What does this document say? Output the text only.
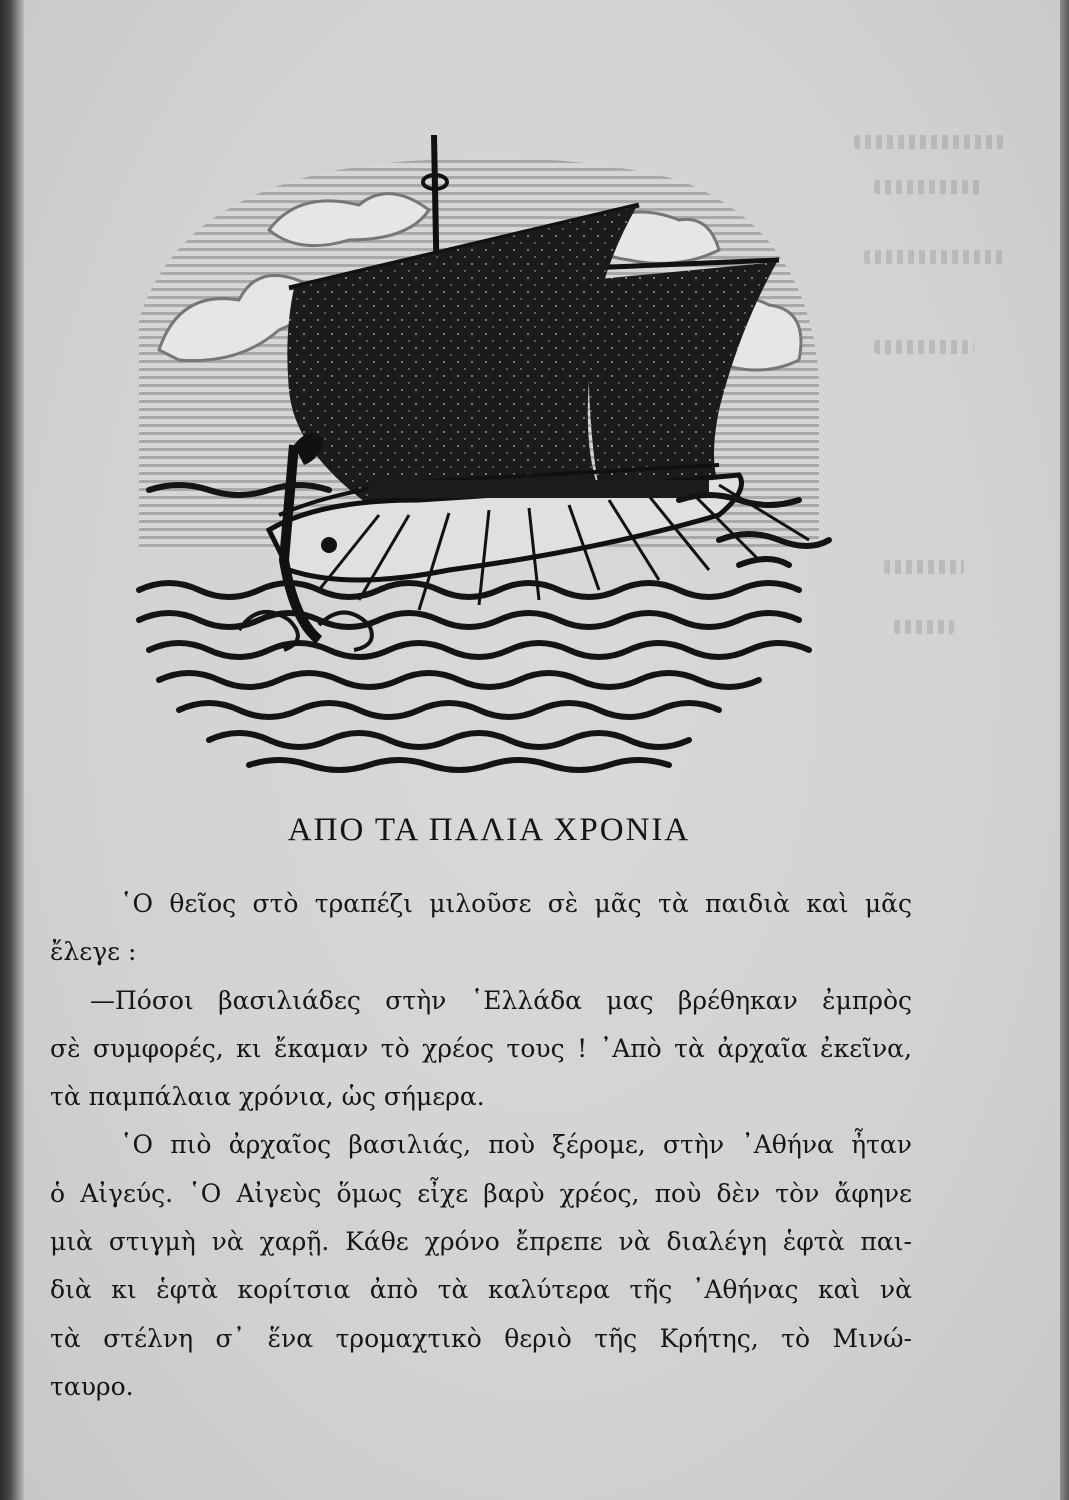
ΑΠΟ ΤΑ ΠΑΛΙΑ ΧΡΟΝΙΑ
῾Ο θεῖος στὸ τραπέζι μιλοῦσε σὲ μᾶς τὰ παιδιὰ καὶ μᾶς
ἔλεγε :
—Πόσοι βασιλιάδες στὴν ῾Ελλάδα μας βρέθηκαν ἐμπρὸς
σὲ συμφορές, κι ἔκαμαν τὸ χρέος τους ! ᾿Απὸ τὰ ἀρχαῖα ἐκεῖνα,
τὰ παμπάλαια χρόνια, ὡς σήμερα.
῾Ο πιὸ ἀρχαῖος βασιλιάς, ποὺ ξέρομε, στὴν ᾿Αθήνα ἦταν
ὁ Αἰγεύς. ῾Ο Αἰγεὺς ὅμως εἶχε βαρὺ χρέος, ποὺ δὲν τὸν ἄφηνε
μιὰ στιγμὴ νὰ χαρῇ. Κάθε χρόνο ἔπρεπε νὰ διαλέγη ἑφτὰ παι-
διὰ κι ἑφτὰ κορίτσια ἀπὸ τὰ καλύτερα τῆς ᾿Αθήνας καὶ νὰ
τὰ στέλνη σ᾿ ἕνα τρομαχτικὸ θεριὸ τῆς Κρήτης, τὸ Μινώ-
ταυρο.
